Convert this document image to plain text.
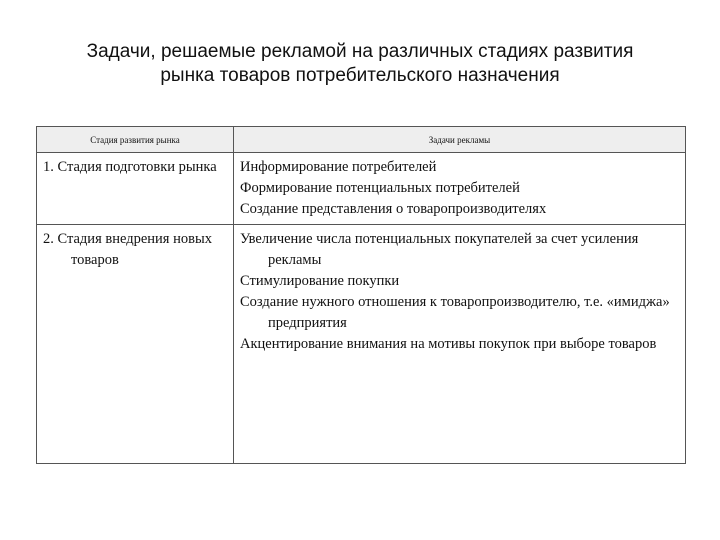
Задачи, решаемые рекламой на различных стадиях развития
рынка товаров потребительского назначения
Стадия развития рынка	Задачи рекламы

1. Стадия подготовки рынка	Информирование потребителей
Формирование потенциальных потребителей
Создание представления о товаропроизводителях

2. Стадия внедрения новых товаров	Увеличение числа потенциальных покупателей за счет усиления рекламы
Стимулирование покупки
Создание нужного отношения к товаропроизводителю, т.е. «имиджа» предприятия
Акцентирование внимания на мотивы покупок при выборе товаров
